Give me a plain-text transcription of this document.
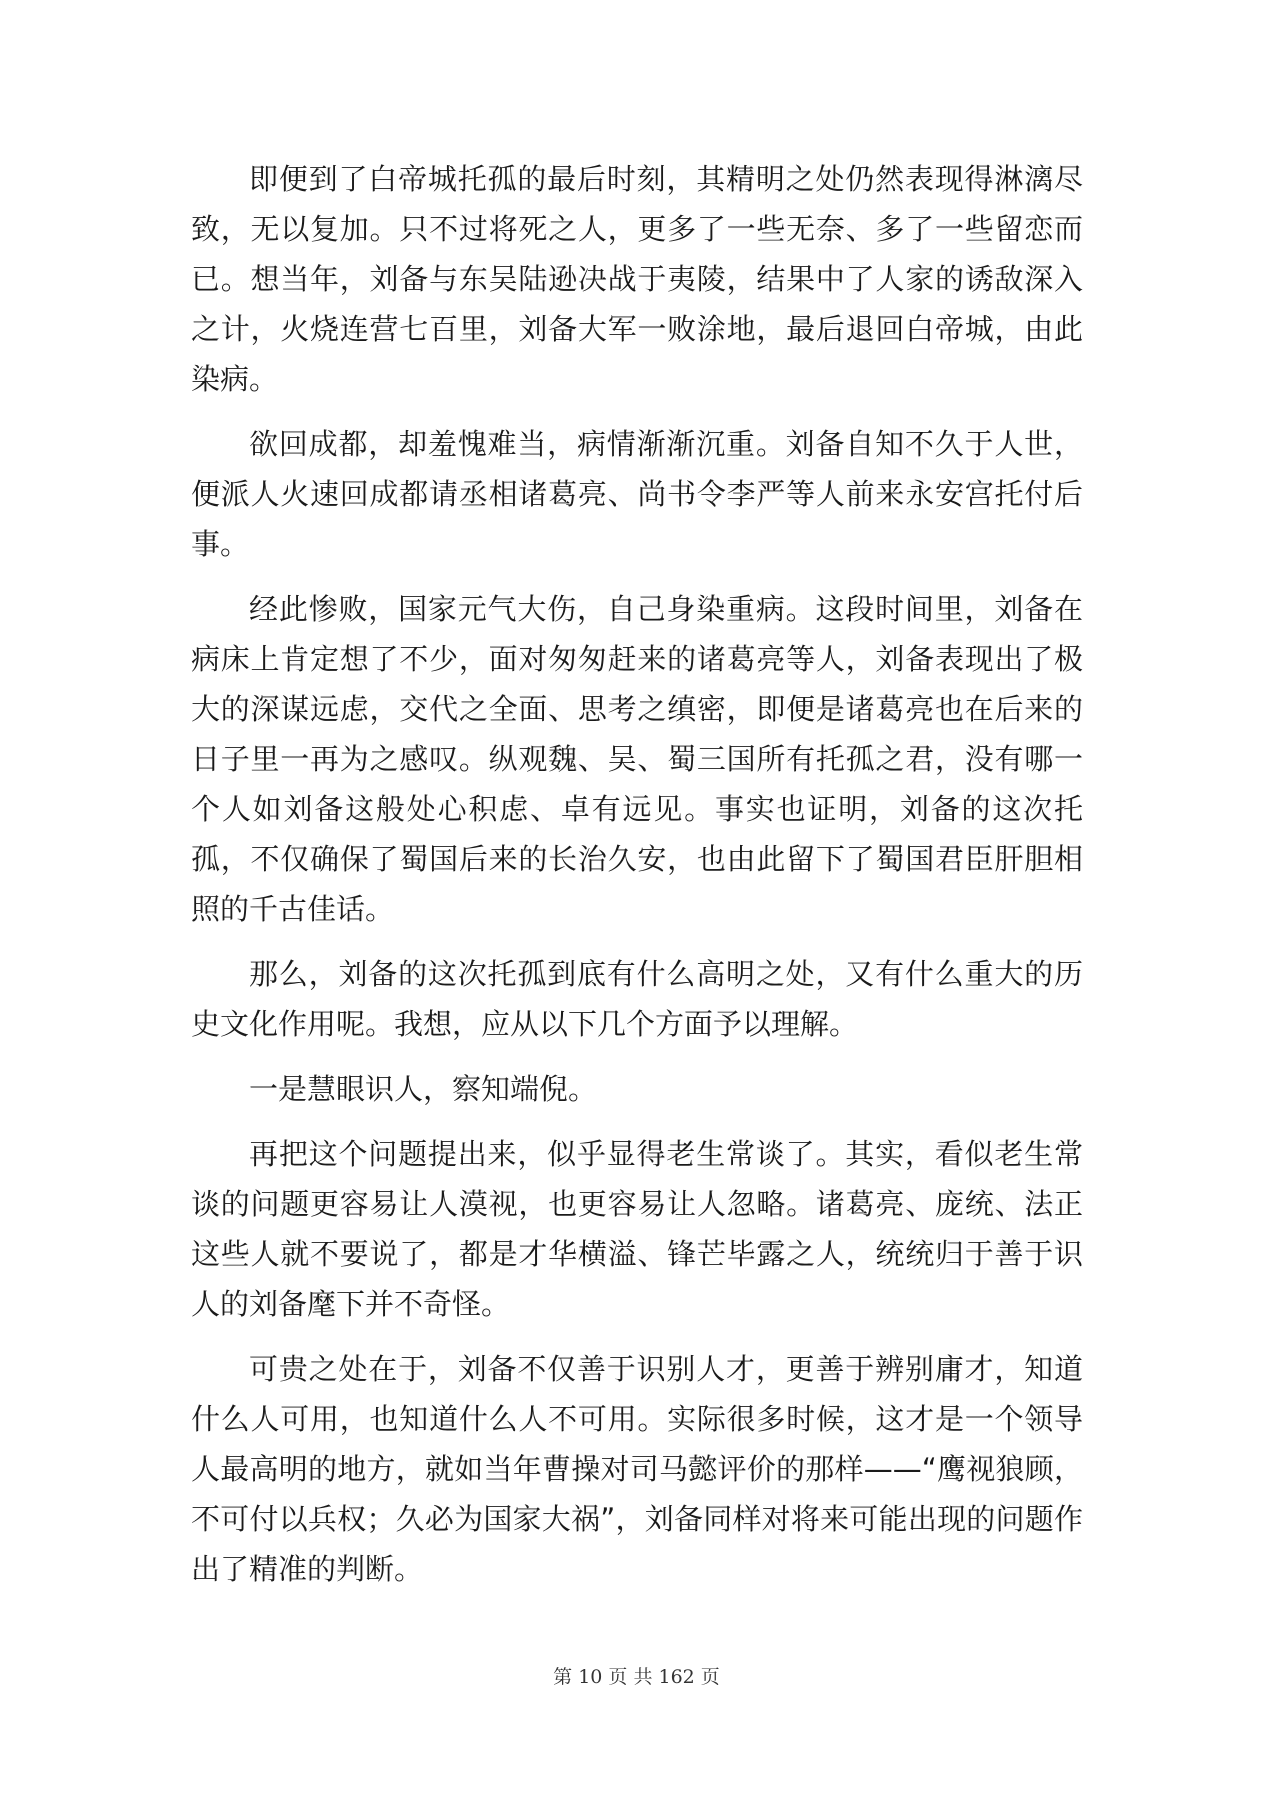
即便到了白帝城托孤的最后时刻，其精明之处仍然表现得淋漓尽致，无以复加。只不过将死之人，更多了一些无奈、多了一些留恋而已。想当年，刘备与东吴陆逊决战于夷陵，结果中了人家的诱敌深入之计，火烧连营七百里，刘备大军一败涂地，最后退回白帝城，由此染病。

欲回成都，却羞愧难当，病情渐渐沉重。刘备自知不久于人世，便派人火速回成都请丞相诸葛亮、尚书令李严等人前来永安宫托付后事。

经此惨败，国家元气大伤，自己身染重病。这段时间里，刘备在病床上肯定想了不少，面对匆匆赶来的诸葛亮等人，刘备表现出了极大的深谋远虑，交代之全面、思考之缜密，即便是诸葛亮也在后来的日子里一再为之感叹。纵观魏、吴、蜀三国所有托孤之君，没有哪一个人如刘备这般处心积虑、卓有远见。事实也证明，刘备的这次托孤，不仅确保了蜀国后来的长治久安，也由此留下了蜀国君臣肝胆相照的千古佳话。

那么，刘备的这次托孤到底有什么高明之处，又有什么重大的历史文化作用呢。我想，应从以下几个方面予以理解。

一是慧眼识人，察知端倪。

再把这个问题提出来，似乎显得老生常谈了。其实，看似老生常谈的问题更容易让人漠视，也更容易让人忽略。诸葛亮、庞统、法正这些人就不要说了，都是才华横溢、锋芒毕露之人，统统归于善于识人的刘备麾下并不奇怪。

可贵之处在于，刘备不仅善于识别人才，更善于辨别庸才，知道什么人可用，也知道什么人不可用。实际很多时候，这才是一个领导人最高明的地方，就如当年曹操对司马懿评价的那样——“鹰视狼顾，不可付以兵权；久必为国家大祸”，刘备同样对将来可能出现的问题作出了精准的判断。

第 10 页 共 162 页
